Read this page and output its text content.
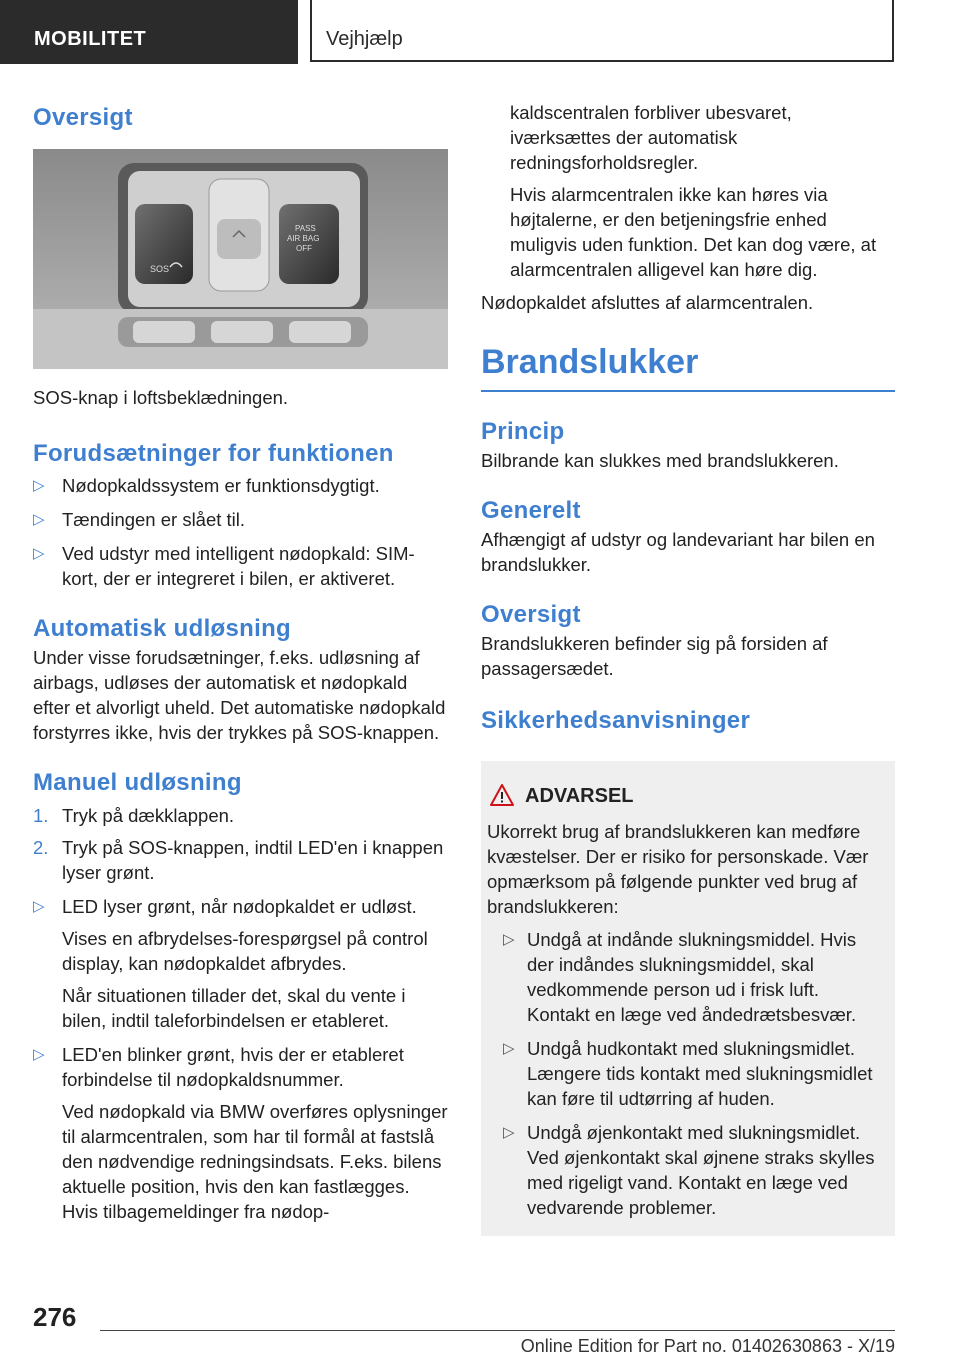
MOBILITET	Vejhjælp
Oversigt
SOS
PASS
AIR BAG
OFF

SOS-knap i loftsbeklædningen.

Forudsætninger for funktionen
▷ Nødopkaldssystem er funktionsdygtigt.
▷ Tændingen er slået til.
▷ Ved udstyr med intelligent nødopkald: SIM-kort, der er integreret i bilen, er aktiveret.
Automatisk udløsning

Under visse forudsætninger, f.eks. udløsning af airbags, udløses der automatisk et nødopkald efter et alvorligt uheld. Det automatiske nødopkald forstyrres ikke, hvis der trykkes på SOS-knappen.

Manuel udløsning
1. Tryk på dækklappen.
2. Tryk på SOS-knappen, indtil LED'en i knappen lyser grønt.
▷ LED lyser grønt, når nødopkaldet er udløst.

Vises en afbrydelses-forespørgsel på control display, kan nødopkaldet afbrydes.

Når situationen tillader det, skal du vente i bilen, indtil taleforbindelsen er etableret.

▷ LED'en blinker grønt, hvis der er etableret forbindelse til nødopkaldsnummer.

Ved nødopkald via BMW overføres oplysninger til alarmcentralen, som har til formål at fastslå den nødvendige redningsindsats. F.eks. bilens aktuelle position, hvis den kan fastlægges. Hvis tilbagemeldinger fra nødop-

kaldscentralen forbliver ubesvaret, iværksættes der automatisk redningsforholdsregler.

Hvis alarmcentralen ikke kan høres via højtalerne, er den betjeningsfrie enhed muligvis uden funktion. Det kan dog være, at alarmcentralen alligevel kan høre dig.

Nødopkaldet afsluttes af alarmcentralen.

Brandslukker
Princip

Bilbrande kan slukkes med brandslukkeren.

Generelt

Afhængigt af udstyr og landevariant har bilen en brandslukker.

Oversigt

Brandslukkeren befinder sig på forsiden af passagersædet.

Sikkerhedsanvisninger
ADVARSEL

Ukorrekt brug af brandslukkeren kan medføre kvæstelser. Der er risiko for personskade. Vær opmærksom på følgende punkter ved brug af brandslukkeren:

▷ Undgå at indånde slukningsmiddel. Hvis der indåndes slukningsmiddel, skal vedkommende person ud i frisk luft. Kontakt en læge ved åndedrætsbesvær.
▷ Undgå hudkontakt med slukningsmidlet. Længere tids kontakt med slukningsmidlet kan føre til udtørring af huden.
▷ Undgå øjenkontakt med slukningsmidlet. Ved øjenkontakt skal øjnene straks skylles med rigeligt vand. Kontakt en læge ved vedvarende problemer.
276
Online Edition for Part no. 01402630863 - X/19
